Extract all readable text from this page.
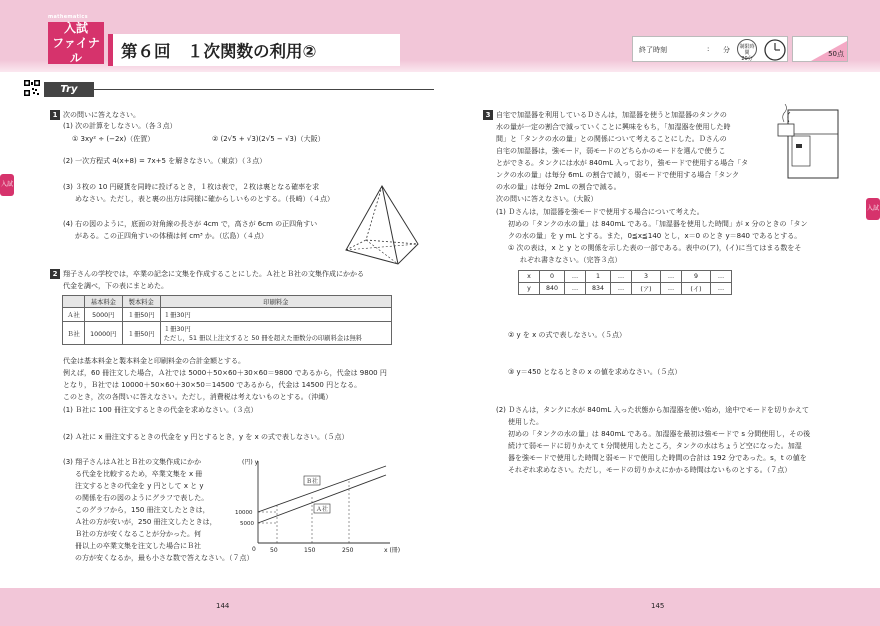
mathematics
入試
ファイナル	第６回　１次関数の利用②	終了時刻	: 分	制限時間
20分
50点
入試
入試
Try
1 次の問いに答えなさい。
(1) 次の計算をしなさい。（各３点）
① 3xy² ÷ (−2x)（佐賀）	② (2√5 + √3)(2√5 − √3)（大阪）
(2) 一次方程式 4(x+8) = 7x+5 を解きなさい。（東京）（３点）
(3) ３枚の 10 円硬貨を同時に投げるとき，１枚は表で，２枚は裏となる確率を求
めなさい。ただし，表と裏の出方は同様に確からしいものとする。（長崎）（４点）
(4) 右の図のように，底面の対角線の長さが 4cm で，高さが 6cm の正四角すい
がある。この正四角すいの体積は何 cm³ か。（広島）（４点）
2 翔子さんの学校では，卒業の記念に文集を作成することにした。Ａ社とＢ社の文集作成にかかる
代金を調べ，下の表にまとめた。
	基本料金	製本料金	印刷料金
Ａ社	5000円	１冊50円	１冊30円
Ｂ社	10000円	１冊50円	１冊30円
ただし，51 冊以上注文すると 50 冊を超えた冊数分の印刷料金は無料
代金は基本料金と製本料金と印刷料金の合計金額とする。
例えば，60 冊注文した場合，Ａ社では 5000＋50×60＋30×60＝9800 であるから，代金は 9800 円
となり，Ｂ社では 10000＋50×60＋30×50＝14500 であるから，代金は 14500 円となる。
このとき，次の各問いに答えなさい。ただし，消費税は考えないものとする。（沖縄）
(1) Ｂ社に 100 冊注文するときの代金を求めなさい。（３点）
(2) Ａ社に x 冊注文するときの代金を y 円とするとき，y を x の式で表しなさい。（５点）
(3) 翔子さんはＡ社とＢ社の文集作成にかか
る代金を比較するため，卒業文集を x 冊
注文するときの代金を y 円として x と y
の関係を右の図のようにグラフで表した。
このグラフから，150 冊注文したときは，
Ａ社の方が安いが，250 冊注文したときは，
Ｂ社の方が安くなることが分かった。何
冊以上の卒業文集を注文した場合にＢ社
の方が安くなるか，最も小さな数で答えなさい。（７点）
(円) y
x (冊)
0 50	150	250
10000
5000
Ｂ社
Ａ社
3 自宅で加湿器を利用しているＤさんは，加湿器を使うと加湿器のタンクの
水の量が一定の割合で減っていくことに興味をもち，「加湿器を使用した時
間」と「タンクの水の量」との関係について考えることにした。Ｄさんの
自宅の加湿器は，強モード，弱モードのどちらかのモードを選んで使うこ
とができる。タンクには水が 840mL 入っており，強モードで使用する場合「タ
ンクの水の量」は毎分 6mL の割合で減り，弱モードで使用する場合「タンク
の水の量」は毎分 2mL の割合で減る。
次の問いに答えなさい。（大阪）
(1) Ｄさんは，加湿器を強モードで使用する場合について考えた。
初めの「タンクの水の量」は 840mL である。「加湿器を使用した時間」が x 分のときの「タン
クの水の量」を y mL とする。また，0≦x≦140 とし，x＝0 のとき y＝840 であるとする。
① 次の表は，x と y との関係を示した表の一部である。表中の(ア)，(イ)に当てはまる数をそ
れぞれ書きなさい。（完答３点）
x	0	…	1	…	3	…	9	…
y	840	…	834	…	(ア)	…	(イ)	…
② y を x の式で表しなさい。（５点）
③ y＝450 となるときの x の値を求めなさい。（５点）
(2) Ｄさんは，タンクに水が 840mL 入った状態から加湿器を使い始め，途中でモードを切りかえて
使用した。
初めの「タンクの水の量」は 840mL である。加湿器を最初は強モードで s 分間使用し，その後
続けて弱モードに切りかえて t 分間使用したところ，タンクの水はちょうど空になった。加湿
器を強モードで使用した時間と弱モードで使用した時間の合計は 192 分であった。s，t の値を
それぞれ求めなさい。ただし，モードの切りかえにかかる時間はないものとする。（７点）
144	145
